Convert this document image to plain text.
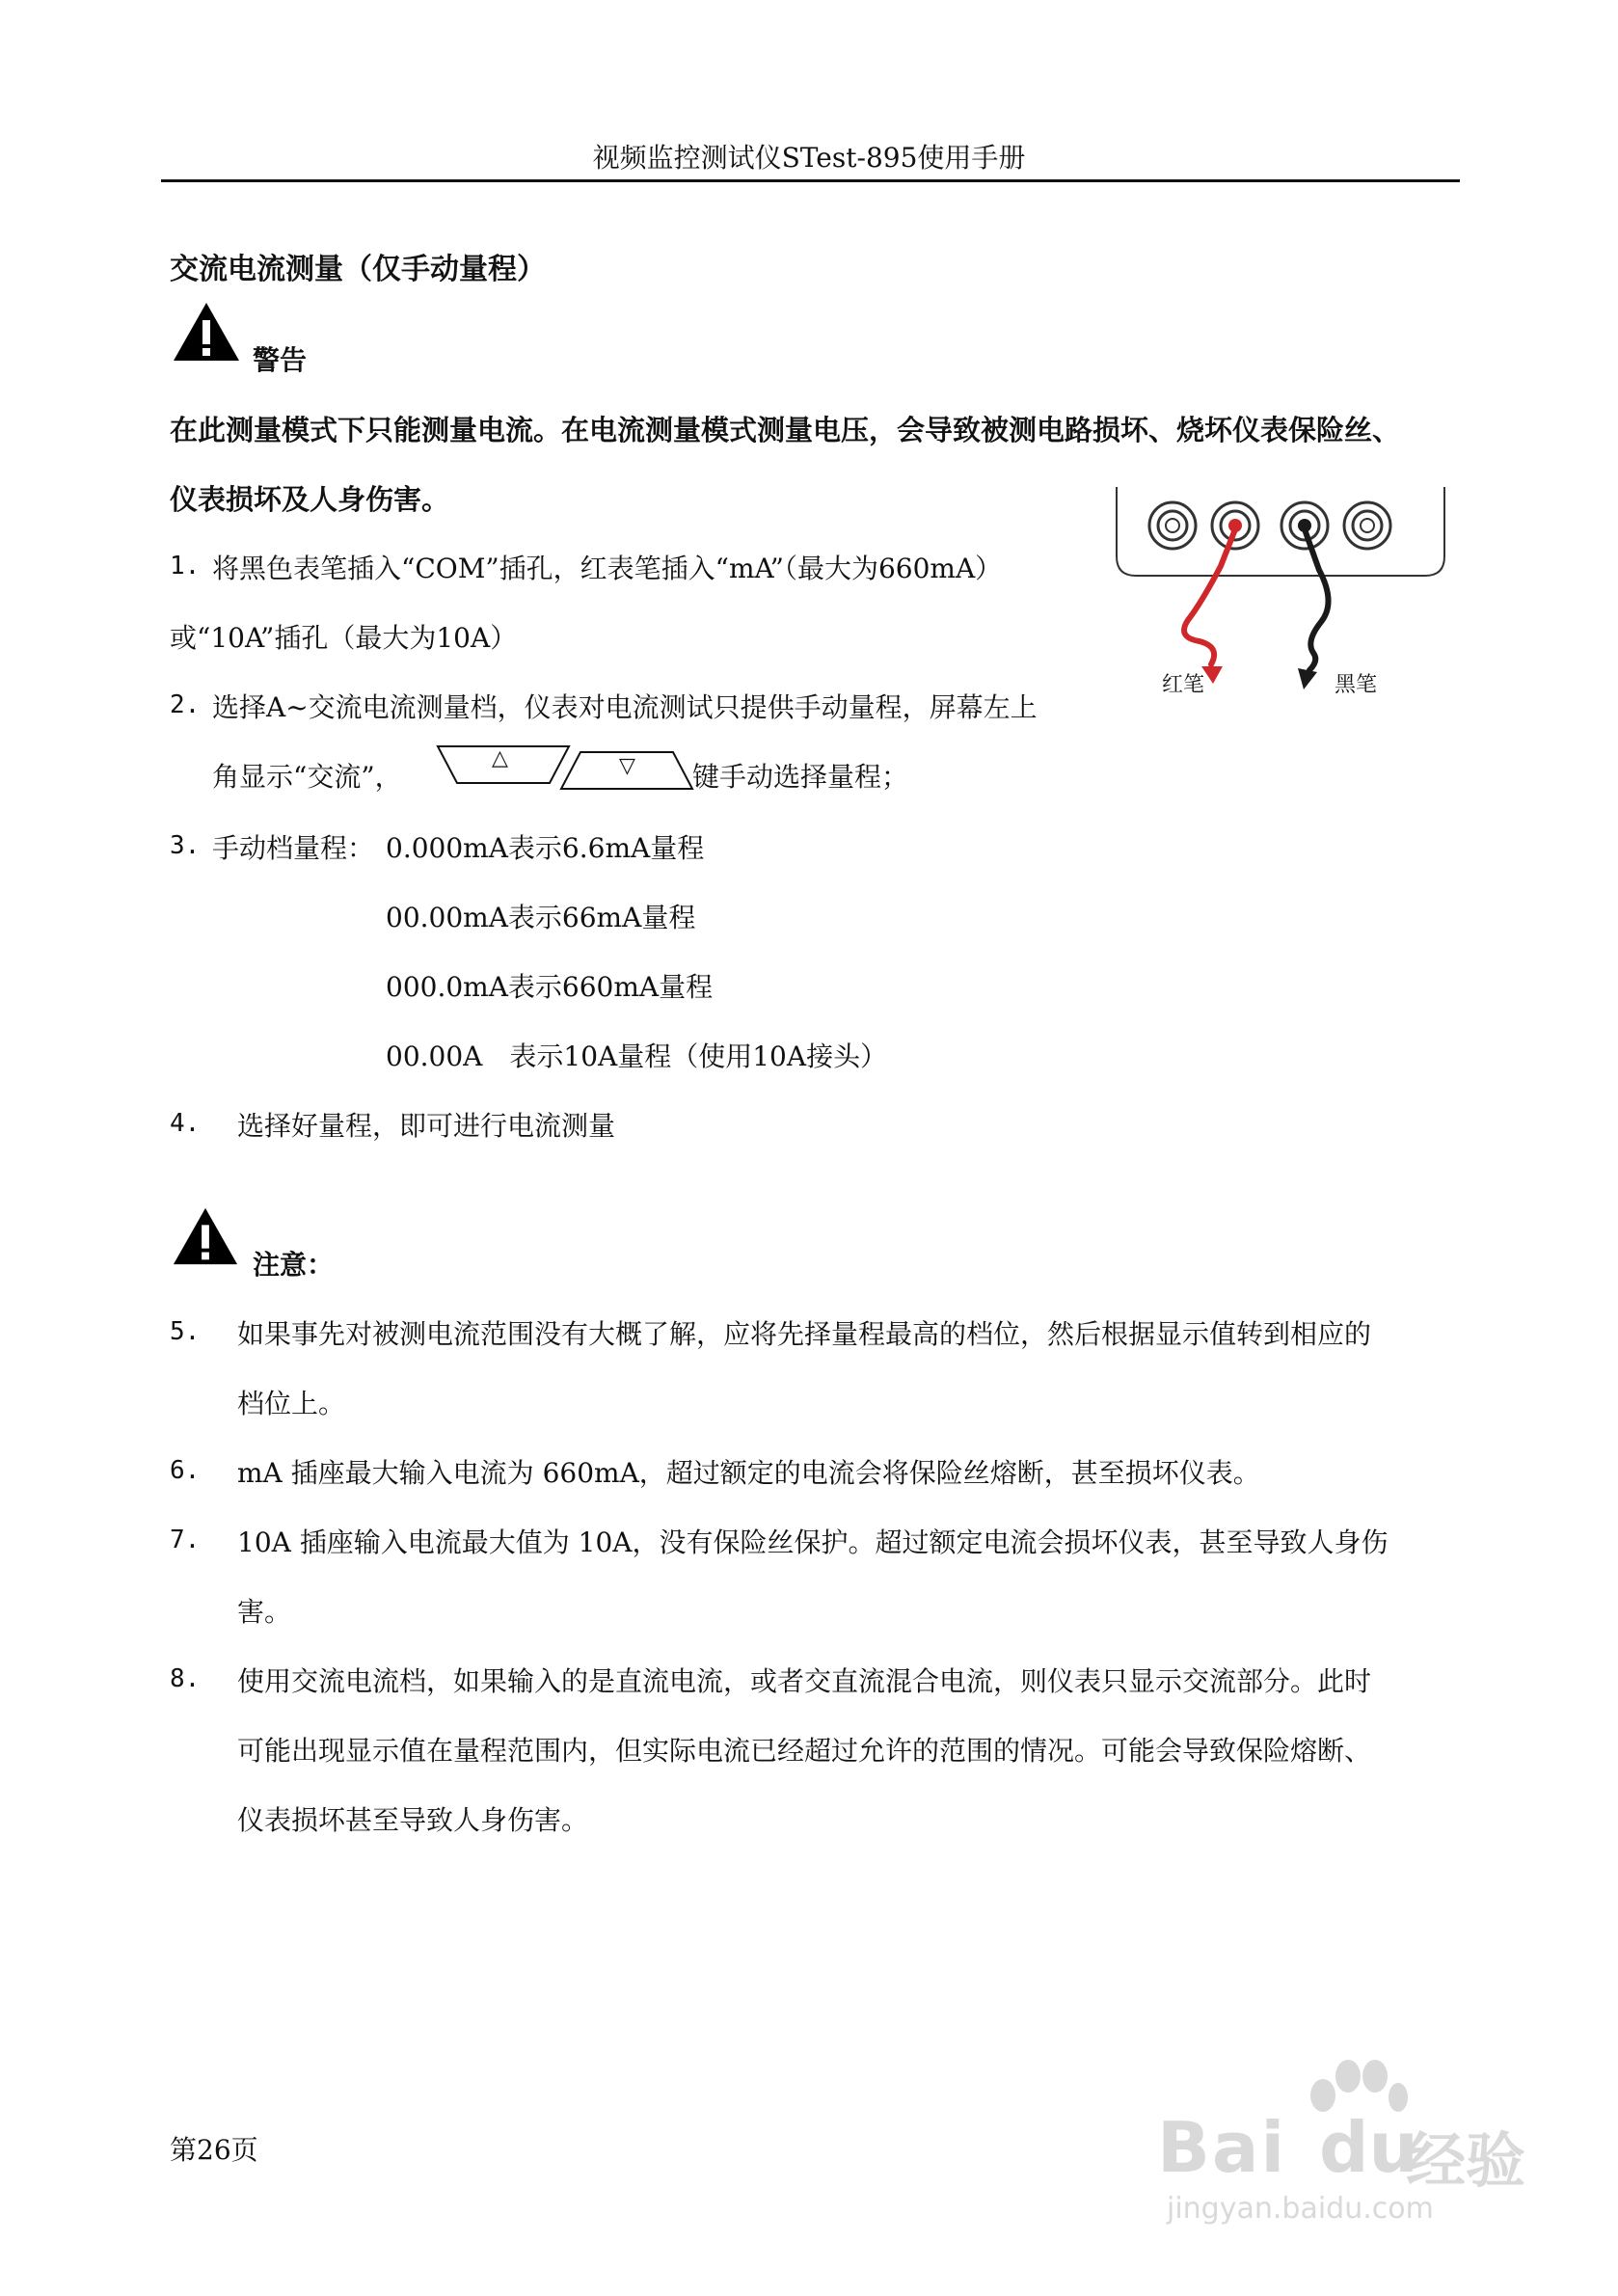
视频监控测试仪STest-895使用手册
交流电流测量（仅手动量程）
警告
在此测量模式下只能测量电流。在电流测量模式测量电压，会导致被测电路损坏、烧坏仪表保险丝、
仪表损坏及人身伤害。
1. 将黑色表笔插入“COM”插孔，红表笔插入“mA”（最大为660mA）
或“10A”插孔（最大为10A）
2. 选择A~交流电流测量档，仪表对电流测试只提供手动量程，屏幕左上
角显示“交流”，
△	▽ 键手动选择量程；
3. 手动档量程： 0.000mA表示6.6mA量程
00.00mA表示66mA量程
000.0mA表示660mA量程
00.00A　表示10A量程（使用10A接头）
4. 选择好量程，即可进行电流测量
红笔	黑笔
注意：
5. 如果事先对被测电流范围没有大概了解，应将先择量程最高的档位，然后根据显示值转到相应的
档位上。
6. mA 插座最大输入电流为 660mA，超过额定的电流会将保险丝熔断，甚至损坏仪表。
7. 10A 插座输入电流最大值为 10A，没有保险丝保护。超过额定电流会损坏仪表，甚至导致人身伤
害。
8. 使用交流电流档，如果输入的是直流电流，或者交直流混合电流，则仪表只显示交流部分。此时
可能出现显示值在量程范围内，但实际电流已经超过允许的范围的情况。可能会导致保险熔断、
仪表损坏甚至导致人身伤害。
第26页	Bai du
经验
jingyan.baidu.com
